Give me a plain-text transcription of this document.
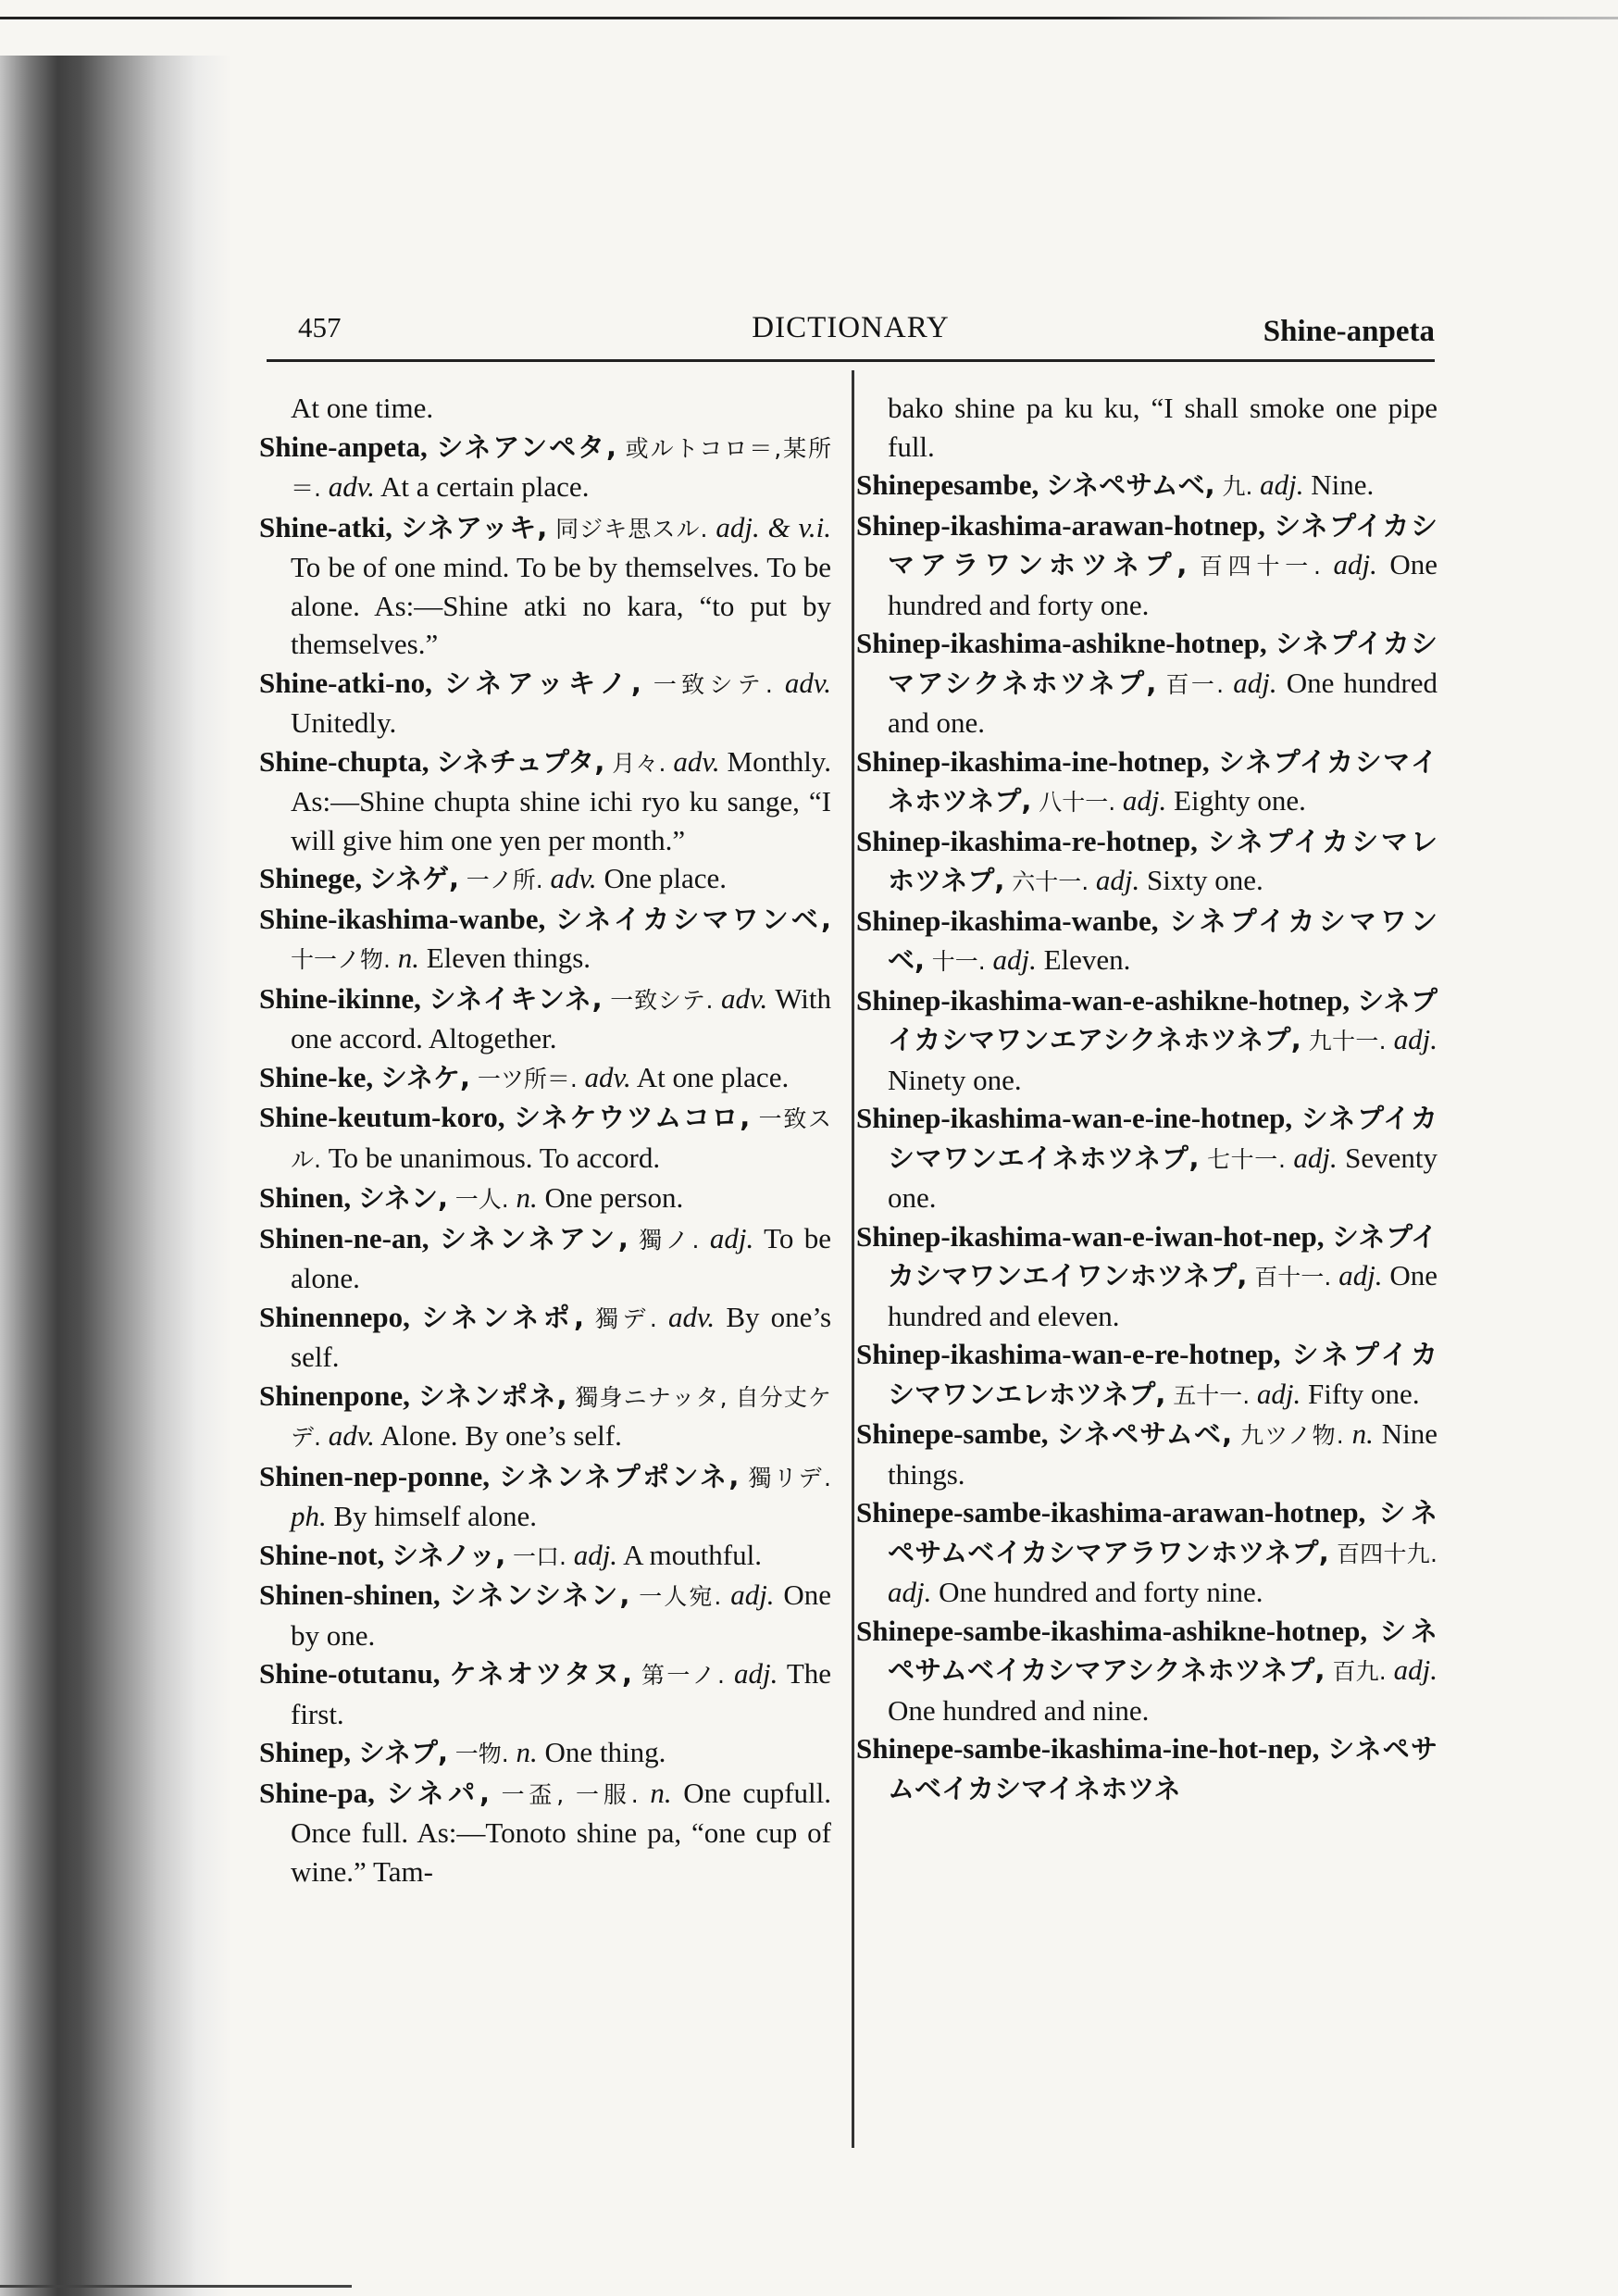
457	DICTIONARY	Shine-anpeta

At one time.

Shine-anpeta, シネアンペタ, 或ルトコロ＝,某所＝. adv. At a certain place.

Shine-atki, シネアッキ, 同ジキ思スル. adj. & v.i. To be of one mind. To be by themselves. To be alone. As:—Shine atki no kara, “to put by themselves.”

Shine-atki-no, シネアッキノ, 一致シテ. adv. Unitedly.

Shine-chupta, シネチュプタ, 月々. adv. Monthly. As:—Shine chupta shine ichi ryo ku sange, “I will give him one yen per month.”

Shinege, シネゲ, 一ノ所. adv. One place.

Shine-ikashima-wanbe, シネイカシマワンベ, 十一ノ物. n. Eleven things.

Shine-ikinne, シネイキンネ, 一致シテ. adv. With one accord. Altogether.

Shine-ke, シネケ, 一ツ所＝. adv. At one place.

Shine-keutum-koro, シネケウツムコロ, 一致スル. To be unanimous. To accord.

Shinen, シネン, 一人. n. One person.

Shinen-ne-an, シネンネアン, 獨ノ. adj. To be alone.

Shinennepo, シネンネポ, 獨デ. adv. By one’s self.

Shinenpone, シネンポネ, 獨身ニナッタ, 自分丈ケデ. adv. Alone. By one’s self.

Shinen-nep-ponne, シネンネプポンネ, 獨リデ. ph. By himself alone.

Shine-not, シネノッ, 一口. adj. A mouthful.

Shinen-shinen, シネンシネン, 一人宛. adj. One by one.

Shine-otutanu, ケネオツタヌ, 第一ノ. adj. The first.

Shinep, シネプ, 一物. n. One thing.

Shine-pa, シネパ, 一盃, 一服. n. One cupfull. Once full. As:—Tonoto shine pa, “one cup of wine.” Tam-

bako shine pa ku ku, “I shall smoke one pipe full.

Shinepesambe, シネペサムベ, 九. adj. Nine.

Shinep-ikashima-arawan-hotnep, シネプイカシマアラワンホツネプ, 百四十一. adj. One hundred and forty one.

Shinep-ikashima-ashikne-hotnep, シネプイカシマアシクネホツネプ, 百一. adj. One hundred and one.

Shinep-ikashima-ine-hotnep, シネプイカシマイネホツネプ, 八十一. adj. Eighty one.

Shinep-ikashima-re-hotnep, シネプイカシマレホツネプ, 六十一. adj. Sixty one.

Shinep-ikashima-wanbe, シネプイカシマワンベ, 十一. adj. Eleven.

Shinep-ikashima-wan-e-ashikne-hotnep, シネプイカシマワンエアシクネホツネプ, 九十一. adj. Ninety one.

Shinep-ikashima-wan-e-ine-hotnep, シネプイカシマワンエイネホツネプ, 七十一. adj. Seventy one.

Shinep-ikashima-wan-e-iwan-hot-nep, シネプイカシマワンエイワンホツネプ, 百十一. adj. One hundred and eleven.

Shinep-ikashima-wan-e-re-hotnep, シネプイカシマワンエレホツネプ, 五十一. adj. Fifty one.

Shinepe-sambe, シネペサムベ, 九ツノ物. n. Nine things.

Shinepe-sambe-ikashima-arawan-hotnep, シネペサムベイカシマアラワンホツネプ, 百四十九. adj. One hundred and forty nine.

Shinepe-sambe-ikashima-ashikne-hotnep, シネペサムベイカシマアシクネホツネプ, 百九. adj. One hundred and nine.

Shinepe-sambe-ikashima-ine-hot-nep, シネペサムベイカシマイネホツネ
